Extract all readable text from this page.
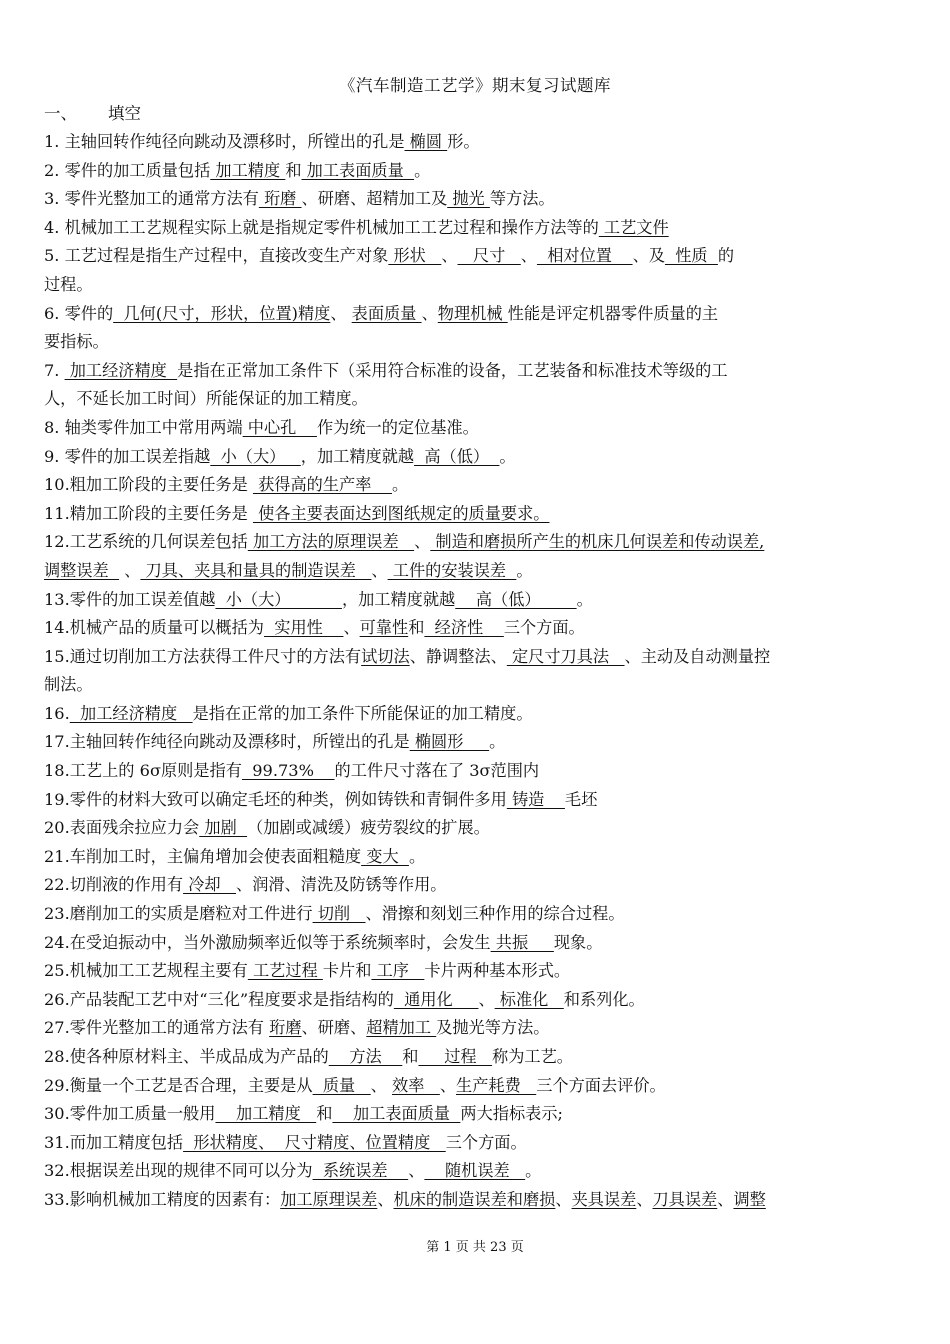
《汽车制造工艺学》期末复习试题库
一、 填空
1. 主轴回转作纯径向跳动及漂移时，所镗出的孔是 椭圆 形。
2. 零件的加工质量包括 加工精度 和 加工表面质量  。
3. 零件光整加工的通常方法有 珩磨 、研磨、超精加工及 抛光 等方法。
4. 机械加工工艺规程实际上就是指规定零件机械加工工艺过程和操作方法等的 工艺文件
5. 工艺过程是指生产过程中，直接改变生产对象 形状   、   尺寸   、  相对位置    、及  性质  的
过程。
6. 零件的  几何(尺寸，形状，位置)精度、 表面质量 、物理机械 性能是评定机器零件质量的主
要指标。
7.  加工经济精度  是指在正常加工条件下（采用符合标准的设备，工艺装备和标准技术等级的工
人，不延长加工时间）所能保证的加工精度。
8. 轴类零件加工中常用两端 中心孔    作为统一的定位基准。
9. 零件的加工误差指越  小（大）   ，加工精度就越  高（低）  。
10.粗加工阶段的主要任务是  获得高的生产率    。
11.精加工阶段的主要任务是  使各主要表面达到图纸规定的质量要求。
12.工艺系统的几何误差包括 加工方法的原理误差   、 制造和磨损所产生的机床几何误差和传动误差,
调整误差   、 刀具、夹具和量具的制造误差   、 工件的安装误差  。
13.零件的加工误差值越  小（大）          ，加工精度就越    高（低）       。
14.机械产品的质量可以概括为  实用性    、可靠性和  经济性    三个方面。
15.通过切削加工方法获得工件尺寸的方法有试切法、静调整法、 定尺寸刀具法   、主动及自动测量控
制法。
16.  加工经济精度   是指在正常的加工条件下所能保证的加工精度。
17.主轴回转作纯径向跳动及漂移时，所镗出的孔是 椭圆形     。
18.工艺上的 6σ原则是指有  99.73%    的工件尺寸落在了 3σ范围内
19.零件的材料大致可以确定毛坯的种类，例如铸铁和青铜件多用 铸造    毛坯
20.表面残余拉应力会 加剧  （加剧或减缓）疲劳裂纹的扩展。
21.车削加工时，主偏角增加会使表面粗糙度 变大  。
22.切削液的作用有 冷却   、润滑、清洗及防锈等作用。
23.磨削加工的实质是磨粒对工件进行 切削   、滑擦和刻划三种作用的综合过程。
24.在受迫振动中，当外激励频率近似等于系统频率时，会发生 共振     现象。
25.机械加工工艺规程主要有 工艺过程 卡片和 工序   卡片两种基本形式。
26.产品装配工艺中对“三化”程度要求是指结构的  通用化     、 标准化   和系列化。
27.零件光整加工的通常方法有 珩磨、研磨、超精加工 及抛光等方法。
28.使各种原材料主、半成品成为产品的    方法    和     过程   称为工艺。
29.衡量一个工艺是否合理，主要是从  质量   、 效率   、生产耗费   三个方面去评价。
30.零件加工质量一般用    加工精度   和    加工表面质量  两大指标表示;
31.而加工精度包括  形状精度、  尺寸精度、位置精度   三个方面。
32.根据误差出现的规律不同可以分为  系统误差    、    随机误差   。
33.影响机械加工精度的因素有：加工原理误差、机床的制造误差和磨损、夹具误差、刀具误差、调整
第 1 页 共 23 页
